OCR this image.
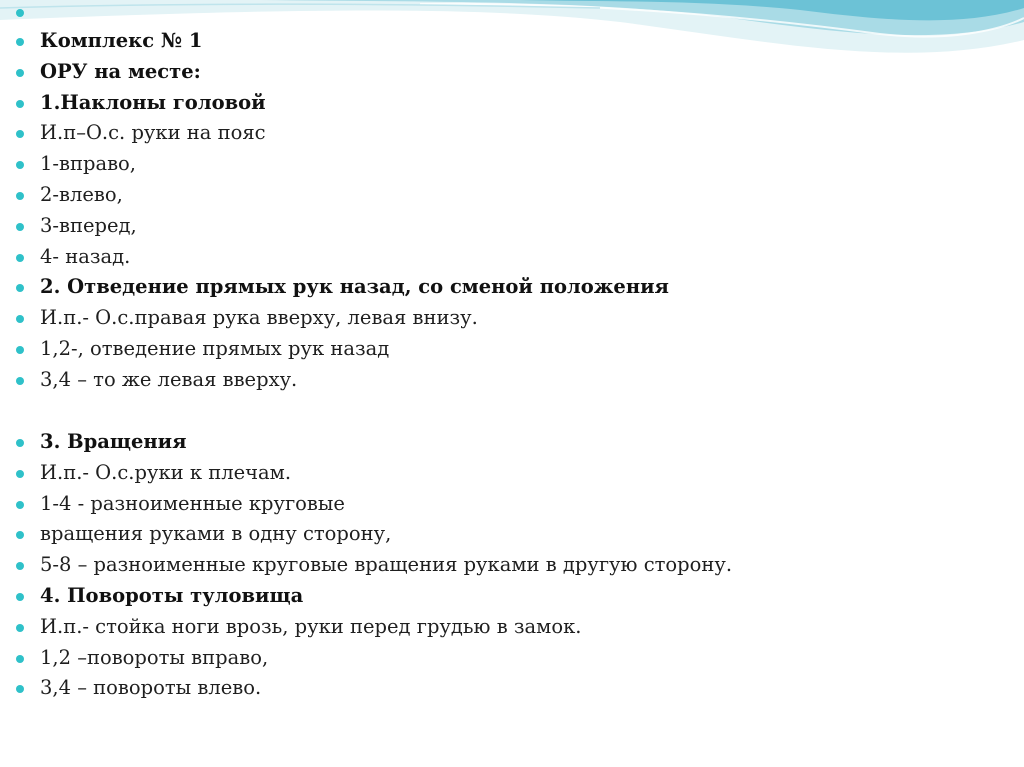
Комплекс № 1
ОРУ на месте:
1.Наклоны головой
И.п–О.с. руки на пояс
1-вправо,
2-влево,
3-вперед,
4- назад.
2. Отведение прямых рук назад, со сменой положения
И.п.- О.с.правая рука вверху, левая внизу.
1,2-, отведение прямых рук назад
3,4 – то же левая вверху.
3. Вращения
И.п.- О.с.руки к плечам.
1-4 - разноименные круговые
вращения руками в одну сторону,
5-8 – разноименные круговые вращения руками в другую сторону.
4. Повороты туловища
И.п.- стойка ноги врозь, руки перед грудью в замок.
1,2 –повороты вправо,
3,4 – повороты влево.
